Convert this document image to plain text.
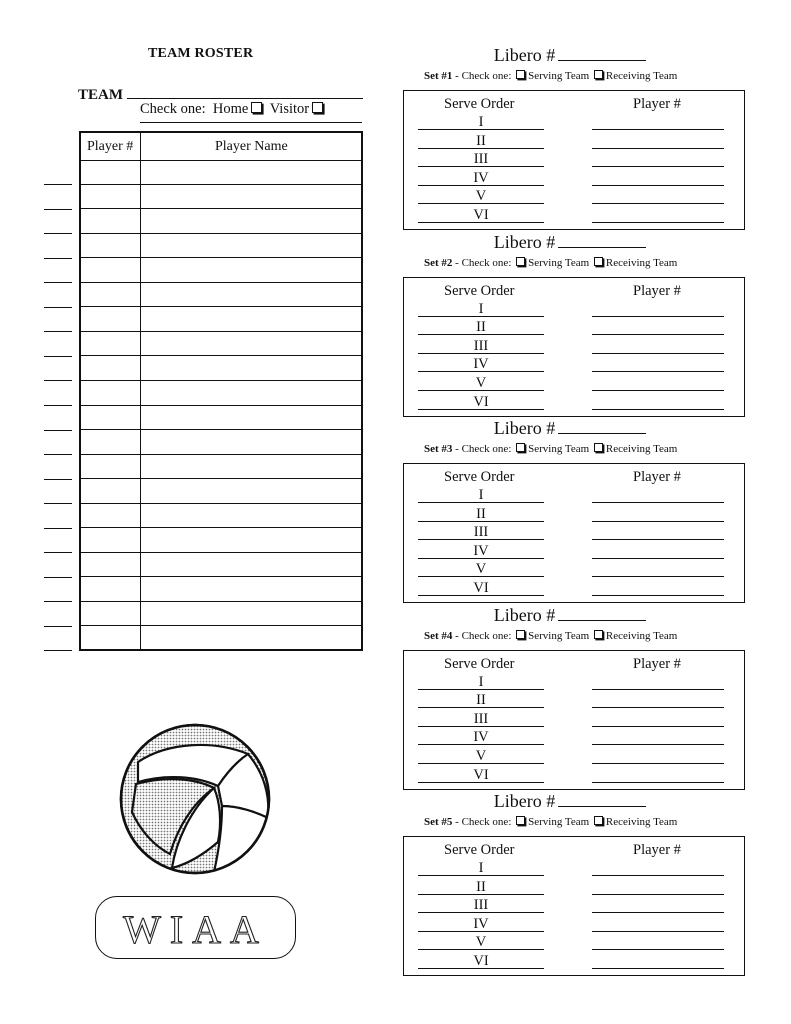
TEAM ROSTER
TEAM
Check one: Home Visitor
Player #	Player Name
Libero #
Set #1 - Check one: Serving Team Receiving Team
Serve Order	Player #
I
II
III
IV
V
VI
Libero #
Set #2 - Check one: Serving Team Receiving Team
Serve Order	Player #
I
II
III
IV
V
VI
Libero #
Set #3 - Check one: Serving Team Receiving Team
Serve Order	Player #
I
II
III
IV
V
VI
Libero #
Set #4 - Check one: Serving Team Receiving Team
Serve Order	Player #
I
II
III
IV
V
VI
Libero #
Set #5 - Check one: Serving Team Receiving Team
Serve Order	Player #
I
II
III
IV
V
VI
WIAA
